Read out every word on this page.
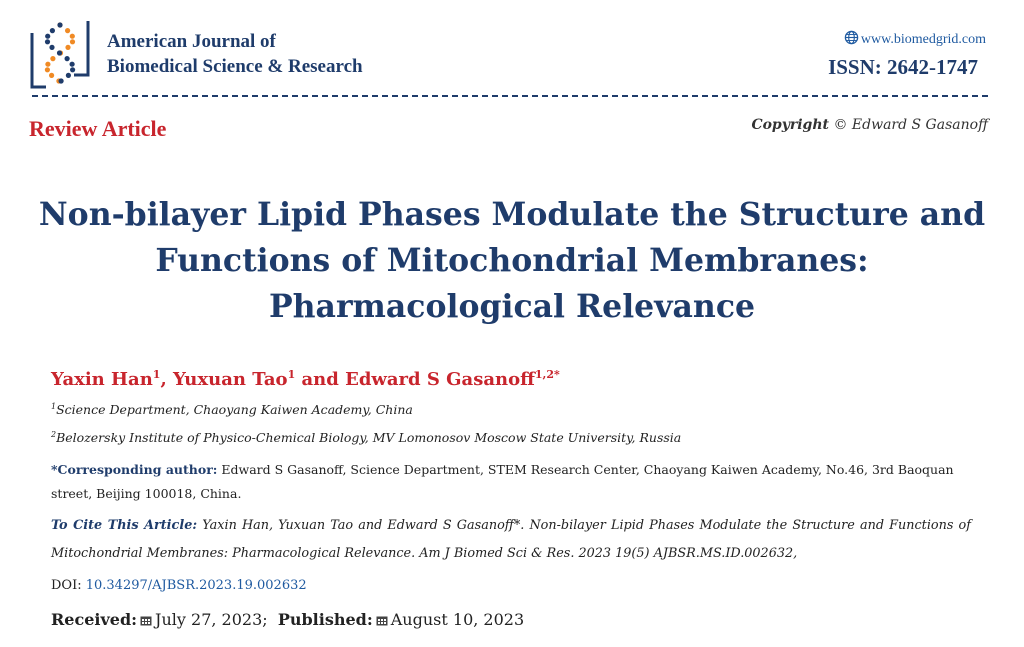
American Journal of
Biomedical Science & Research
www.biomedgrid.com
ISSN: 2642-1747
Review Article	Copyright © Edward S Gasanoff
Non-bilayer Lipid Phases Modulate the Structure and
Functions of Mitochondrial Membranes:
Pharmacological Relevance
Yaxin Han$^1$, Yuxuan Tao$^1$ and Edward S Gasanoff$^{1,2*}$
$^1$Science Department, Chaoyang Kaiwen Academy, China
$^2$Belozersky Institute of Physico-Chemical Biology, MV Lomonosov Moscow State University, Russia
*Corresponding author: Edward S Gasanoff, Science Department, STEM Research Center, Chaoyang Kaiwen Academy, No.46, 3rd Baoquan street, Beijing 100018, China.
To Cite This Article: Yaxin Han, Yuxuan Tao and Edward S Gasanoff*. Non-bilayer Lipid Phases Modulate the Structure and Functions of Mitochondrial Membranes: Pharmacological Relevance. Am J Biomed Sci & Res. 2023 19(5) AJBSR.MS.ID.002632,
DOI: 10.34297/AJBSR.2023.19.002632
Received: July 27, 2023; Published: August 10, 2023
